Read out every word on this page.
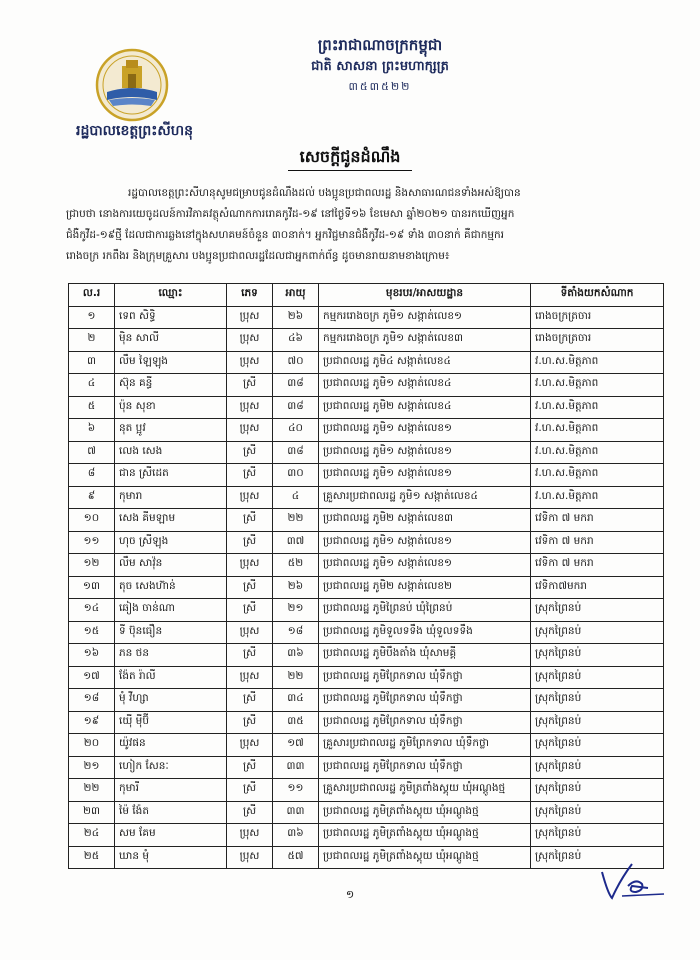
រដ្ឋបាលខេត្តព្រះសីហនុ
ព្រះរាជាណាចក្រកម្ពុជា
ជាតិ សាសនា ព្រះមហាក្សត្រ
៣៥៣៥២២
សេចក្តីជូនដំណឹង
រដ្ឋបាលខេត្តព្រះសីហនុសូមជម្រាបជូនដំណឹងដល់ បងប្អូនប្រជាពលរដ្ឋ និងសាធារណជនទាំងអស់ឱ្យបាន
ជ្រាបថា នោងការយេចូដលន៍ការវិភាគវត្ថុសំណាកការរោគកូវីដ-១៩ នៅថ្ងៃទី១៦ ខែមេសា ឆ្នាំ២០២១ បានរកឃើញអ្នក
ជំងឺកូវីដ-១៩ថ្មី ដែលជាការឆ្លងនៅក្នុងសហគមន៍ចំនួន ៣០នាក់។ អ្នកវិជ្ជមានជំងឺកូវីដ-១៩ ទាំង ៣០នាក់ គឺជាកម្មករ
រោងចក្រ រកពឹងរ និងក្រុមគ្រួសារ បងប្អូនប្រជាពលរដ្ឋដែលជាអ្នកពាក់ព័ន្ធ ដូចមានរាយនាមខាងក្រោម៖
ល.រ	ឈ្មោះ	ភេទ	អាយុ	មុខរបរ/អាសយដ្ឋាន	ទីតាំងយកសំណាក
១	ទេព សិទ្ធិ	ប្រុស	២៦	កម្មកររោងចក្រ ភូមិ១ សង្កាត់លេខ១	រោងចក្រត្រចារ
២	ម៉ិន សាលី	ប្រុស	៤៦	កម្មកររោងចក្រ ភូមិ១ សង្កាត់លេខ៣	រោងចក្រត្រចារ
៣	លឹម ឡៃឡុង	ប្រុស	៧០	ប្រជាពលរដ្ឋ ភូមិ៤ សង្កាត់លេខ៤	វ.ហ.ស.មិត្តភាព
៤	ស៊ុន គន្ធី	ស្រី	៣៨	ប្រជាពលរដ្ឋ ភូមិ១ សង្កាត់លេខ៤	វ.ហ.ស.មិត្តភាព
៥	ប៉ុន សុខា	ប្រុស	៣៨	ប្រជាពលរដ្ឋ ភូមិ២ សង្កាត់លេខ៤	វ.ហ.ស.មិត្តភាព
៦	នុត ប្អូវ	ប្រុស	៤០	ប្រជាពលរដ្ឋ ភូមិ១ សង្កាត់លេខ១	វ.ហ.ស.មិត្តភាព
៧	លេង សេង	ស្រី	៣៨	ប្រជាពលរដ្ឋ ភូមិ១ សង្កាត់លេខ១	វ.ហ.ស.មិត្តភាព
៨	ជាន ស្រីដេត	ស្រី	៣០	ប្រជាពលរដ្ឋ ភូមិ១ សង្កាត់លេខ១	វ.ហ.ស.មិត្តភាព
៩	កុមារា	ប្រុស	៤	គ្រួសារប្រជាពលរដ្ឋ ភូមិ១ សង្កាត់លេខ៤	វ.ហ.ស.មិត្តភាព
១០	សេង គីមឡាម	ស្រី	២២	ប្រជាពលរដ្ឋ ភូមិ២ សង្កាត់លេខ៣	វេទិកា ៧ មករា
១១	ហុច ស្រីឡុង	ស្រី	៣៧	ប្រជាពលរដ្ឋ ភូមិ១ សង្កាត់លេខ១	វេទិកា ៧ មករា
១២	លឹម សាវ៉ុន	ប្រុស	៥២	ប្រជាពលរដ្ឋ ភូមិ១ សង្កាត់លេខ១	វេទិកា ៧ មករា
១៣	តុច សេងហ៊ាន់	ស្រី	២៦	ប្រជាពលរដ្ឋ ភូមិ២ សង្កាត់លេខ២	វេទិកា៧មករា
១៤	ឆៀង ចាន់ណា	ស្រី	២១	ប្រជាពលរដ្ឋ ភូមិព្រៃនប់ ឃុំព្រៃនប់	ស្រុកព្រៃនប់
១៥	ទី ប៊ុនធឿន	ប្រុស	១៨	ប្រជាពលរដ្ឋ ភូមិទួលទទឹង ឃុំទួលទទឹង	ស្រុកព្រៃនប់
១៦	ភន ថន	ស្រី	៣៦	ប្រជាពលរដ្ឋ ភូមិបឹងតាំង ឃុំសាមគ្គី	ស្រុកព្រៃនប់
១៧	ង៉ែត រ៉ាលី	ប្រុស	២២	ប្រជាពលរដ្ឋ ភូមិព្រែកទាល ឃុំទឹកថ្លា	ស្រុកព្រៃនប់
១៨	មុំ វីហ្សា	ស្រី	៣៤	ប្រជាពលរដ្ឋ ភូមិព្រែកទាល ឃុំទឹកថ្លា	ស្រុកព្រៃនប់
១៩	យ៉ើ ម៉ីប៊ី	ស្រី	៣៥	ប្រជាពលរដ្ឋ ភូមិព្រែកទាល ឃុំទឹកថ្លា	ស្រុកព្រៃនប់
២០	យ៉ូវផន	ប្រុស	១៧	គ្រួសារប្រជាពលរដ្ឋ ភូមិព្រែកទាល ឃុំទឹកថ្លា	ស្រុកព្រៃនប់
២១	ហៀក សែនៈ	ស្រី	៣៣	ប្រជាពលរដ្ឋ ភូមិព្រែកទាល ឃុំទឹកថ្លា	ស្រុកព្រៃនប់
២២	កុមារី	ស្រី	១១	គ្រួសារប្រជាពលរដ្ឋ ភូមិត្រពាំងស្គុយ ឃុំអណ្តូងថ្ម	ស្រុកព្រៃនប់
២៣	ម៉ៃ ង៉ែត	ស្រី	៣៣	ប្រជាពលរដ្ឋ ភូមិត្រពាំងស្គុយ ឃុំអណ្តូងថ្ម	ស្រុកព្រៃនប់
២៤	សម គែម	ប្រុស	៣៦	ប្រជាពលរដ្ឋ ភូមិត្រពាំងស្គុយ ឃុំអណ្តូងថ្ម	ស្រុកព្រៃនប់
២៥	ឃាន មុំ	ប្រុស	៥៧	ប្រជាពលរដ្ឋ ភូមិត្រពាំងស្គុយ ឃុំអណ្តូងថ្ម	ស្រុកព្រៃនប់
១
